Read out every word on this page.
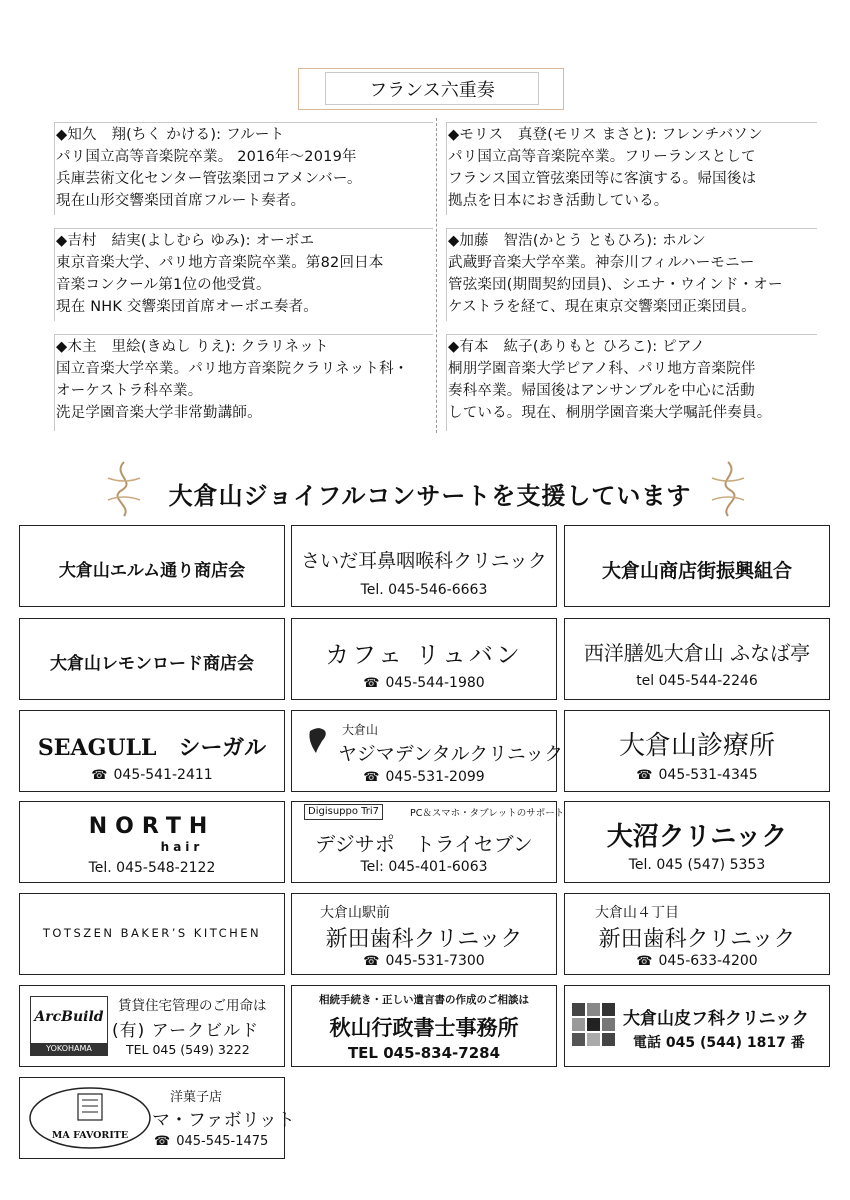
フランス六重奏
◆知久　翔(ちく かける): フルート

パリ国立高等音楽院卒業。 2016年〜2019年

兵庫芸術文化センター管弦楽団コアメンバー。

現在山形交響楽団首席フルート奏者。

◆吉村　結実(よしむら ゆみ): オーボエ

東京音楽大学、パリ地方音楽院卒業。第82回日本

音楽コンクール第1位の他受賞。

現在 NHK 交響楽団首席オーボエ奏者。

◆木主　里絵(きぬし りえ): クラリネット

国立音楽大学卒業。パリ地方音楽院クラリネット科・

オーケストラ科卒業。

洗足学園音楽大学非常勤講師。

◆モリス　真登(モリス まさと): フレンチバソン

パリ国立高等音楽院卒業。フリーランスとして

フランス国立管弦楽団等に客演する。帰国後は

拠点を日本におき活動している。

◆加藤　智浩(かとう ともひろ): ホルン

武蔵野音楽大学卒業。神奈川フィルハーモニー

管弦楽団(期間契約団員)、シエナ・ウインド・オー

ケストラを経て、現在東京交響楽団正楽団員。

◆有本　紘子(ありもと ひろこ): ピアノ

桐朋学園音楽大学ピアノ科、パリ地方音楽院伴

奏科卒業。帰国後はアンサンブルを中心に活動

している。現在、桐朋学園音楽大学嘱託伴奏員。

大倉山ジョイフルコンサートを支援しています
大倉山エルム通り商店会	さいだ耳鼻咽喉科クリニック
Tel. 045-546-6663
大倉山商店街振興組合
大倉山レモンロード商店会	カフェ リュバン
☎ 045-544-1980
西洋膳処大倉山 ふなば亭
tel 045-544-2246
SEAGULL　シーガル
☎ 045-541-2411
大倉山
ヤジマデンタルクリニック
☎ 045-531-2099
大倉山診療所
☎ 045-531-4345
NORTH
hair
Tel. 045-548-2122
Digisuppo Tri7	PC＆スマホ・タブレットのサポート
デジサポ　トライセブン
Tel: 045-401-6063
大沼クリニック
Tel. 045 (547) 5353
TOTSZEN BAKER’S KITCHEN
大倉山駅前
新田歯科クリニック
☎ 045-531-7300
大倉山４丁目
新田歯科クリニック
☎ 045-633-4200
ArcBuild
YOKOHAMA
賃貸住宅管理のご用命は
(有) アークビルド
TEL 045 (549) 3222
相続手続き・正しい遺言書の作成のご相談は
秋山行政書士事務所
TEL 045-834-7284
大倉山皮フ科クリニック
電話 045 (544) 1817 番
MA FAVORITE
洋菓子店
マ・ファボリット
☎ 045-545-1475
